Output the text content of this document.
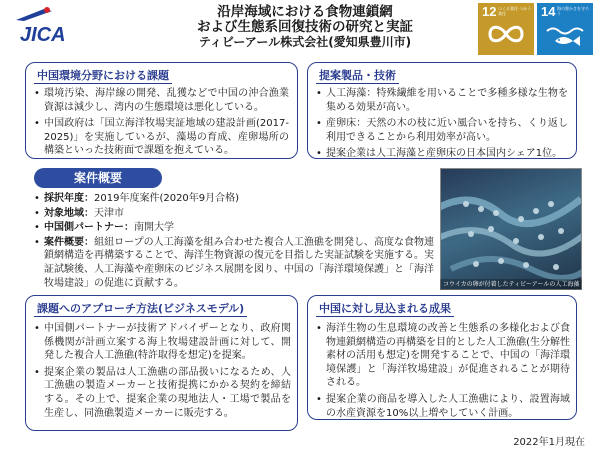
JICA
沿岸海域における食物連鎖網
および生態系回復技術の研究と実証
ティビーアール株式会社(愛知県豊川市)
12 つくる責任 つかう責任	14 海の豊かさを守ろう
中国環境分野における課題
• 環境汚染、海岸線の開発、乱獲などで中国の沖合漁業資源は減少し、湾内の生態環境は悪化している。
• 中国政府は「国立海洋牧場実証地域の建設計画(2017-2025)」を実施しているが、藻場の育成、産卵場所の構築といった技術面で課題を抱えている。
提案製品・技術
• 人工海藻：特殊繊維を用いることで多種多様な生物を集める効果が高い。
• 産卵床：天然の木の枝に近い風合いを持ち、くり返し利用できることから利用効率が高い。
• 提案企業は人工海藻と産卵床の日本国内シェア1位。
案件概要
• 採択年度：2019年度案件(2020年9月合格)
• 対象地域：天津市
• 中国側パートナー：南開大学
• 案件概要：組紐ロープの人工海藻を組み合わせた複合人工漁礁を開発し、高度な食物連鎖網構造を再構築することで、海洋生物資源の復元を目指した実証試験を実施する。実証試験後、人工海藻や産卵床のビジネス展開を図り、中国の「海洋環境保護」と「海洋牧場建設」の促進に貢献する。	コウイカの卵が付着したティビーアールの人工海藻
課題へのアプローチ方法(ビジネスモデル)
• 中国側パートナーが技術アドバイザーとなり、政府関係機関が計画立案する海上牧場建設計画に対して、開発した複合人工漁礁(特許取得を想定)を提案。
• 提案企業の製品は人工漁礁の部品扱いになるため、人工漁礁の製造メーカーと技術提携にかかる契約を締結する。その上で、提案企業の現地法人・工場で製品を生産し、同漁礁製造メーカーに販売する。
中国に対し見込まれる成果
• 海洋生物の生息環境の改善と生態系の多様化および食物連鎖網構造の再構築を目的とした人工漁礁(生分解性素材の活用も想定)を開発することで、中国の「海洋環境保護」と「海洋牧場建設」が促進されることが期待される。
• 提案企業の商品を導入した人工漁礁により、設置海域の水産資源を10%以上増やしていく計画。
2022年1月現在
